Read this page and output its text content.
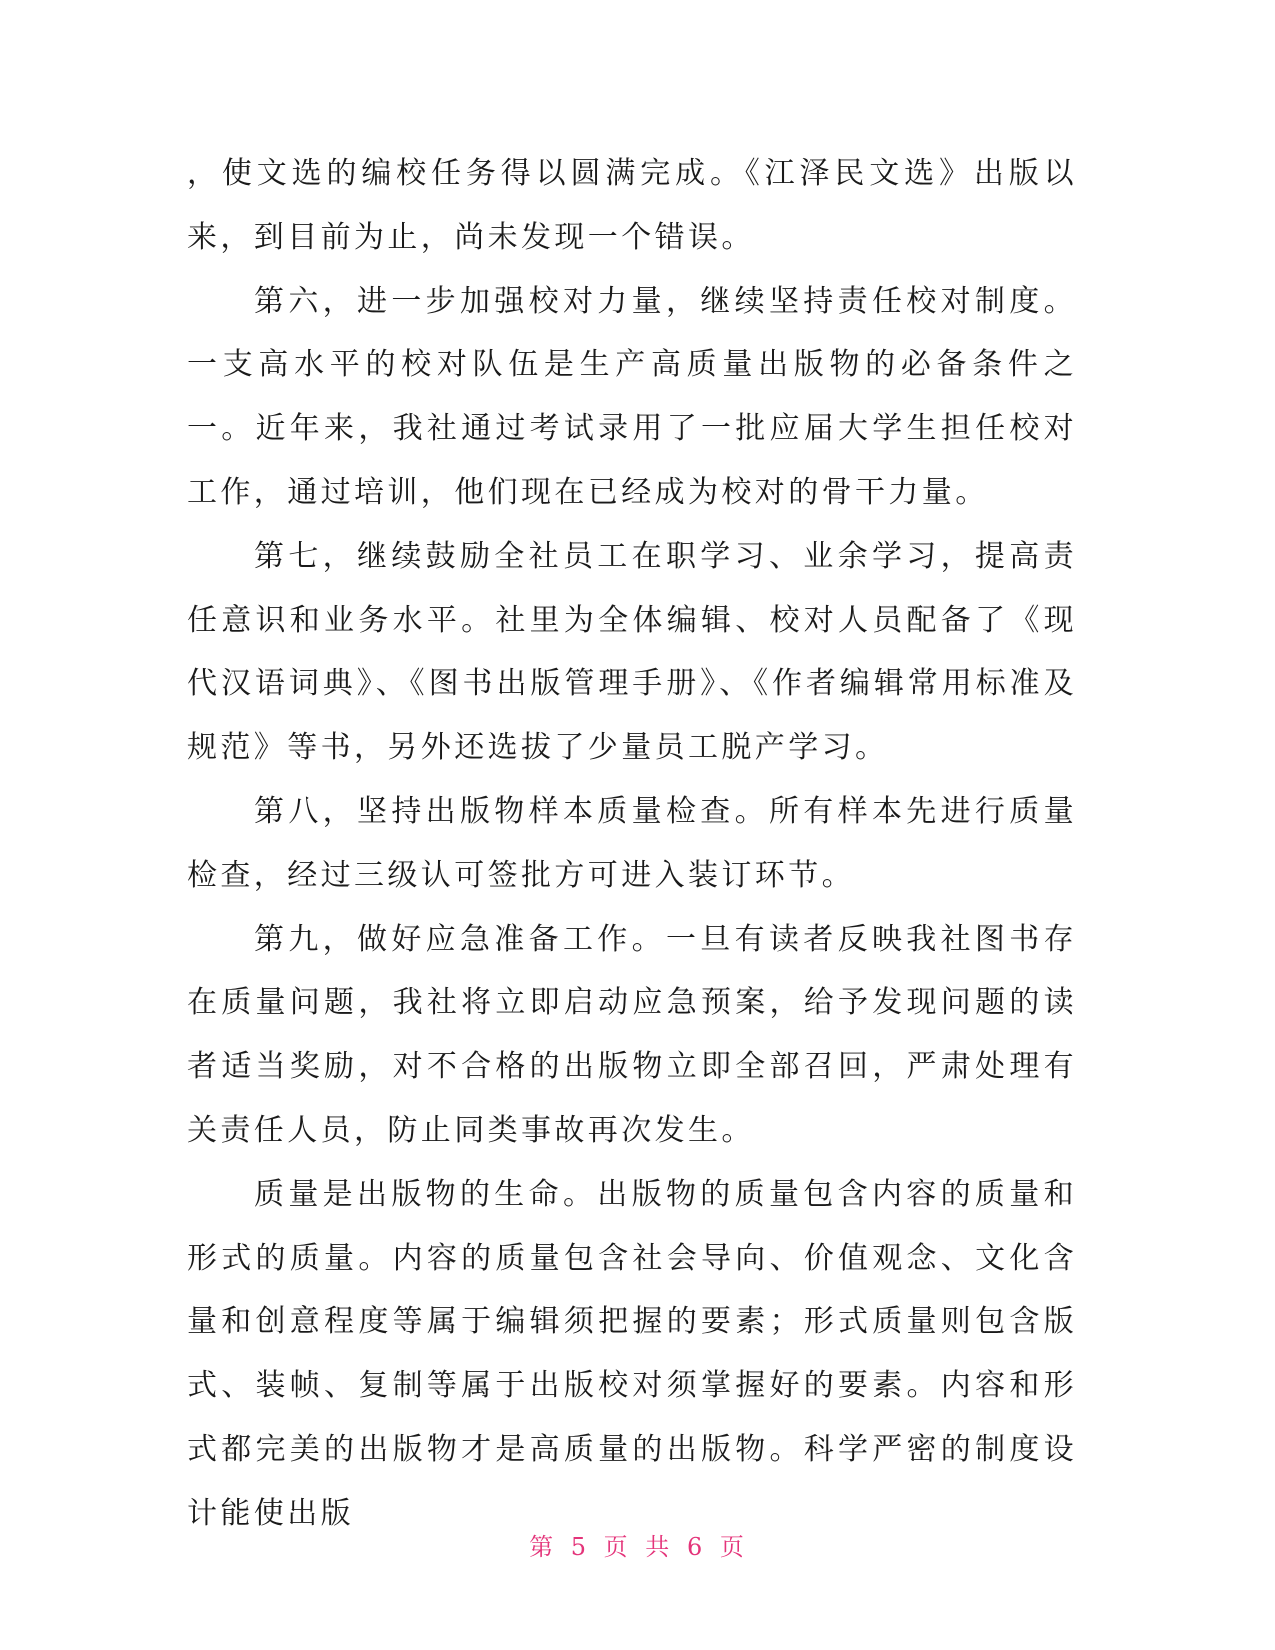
，使文选的编校任务得以圆满完成。《江泽民文选》出版以来，到目前为止，尚未发现一个错误。

第六，进一步加强校对力量，继续坚持责任校对制度。一支高水平的校对队伍是生产高质量出版物的必备条件之一。近年来，我社通过考试录用了一批应届大学生担任校对工作，通过培训，他们现在已经成为校对的骨干力量。

第七，继续鼓励全社员工在职学习、业余学习，提高责任意识和业务水平。社里为全体编辑、校对人员配备了《现代汉语词典》、《图书出版管理手册》、《作者编辑常用标准及规范》等书，另外还选拔了少量员工脱产学习。

第八，坚持出版物样本质量检查。所有样本先进行质量检查，经过三级认可签批方可进入装订环节。

第九，做好应急准备工作。一旦有读者反映我社图书存在质量问题，我社将立即启动应急预案，给予发现问题的读者适当奖励，对不合格的出版物立即全部召回，严肃处理有关责任人员，防止同类事故再次发生。

质量是出版物的生命。出版物的质量包含内容的质量和形式的质量。内容的质量包含社会导向、价值观念、文化含量和创意程度等属于编辑须把握的要素；形式质量则包含版式、装帧、复制等属于出版校对须掌握好的要素。内容和形式都完美的出版物才是高质量的出版物。科学严密的制度设计能使出版

第 5 页 共 6 页
